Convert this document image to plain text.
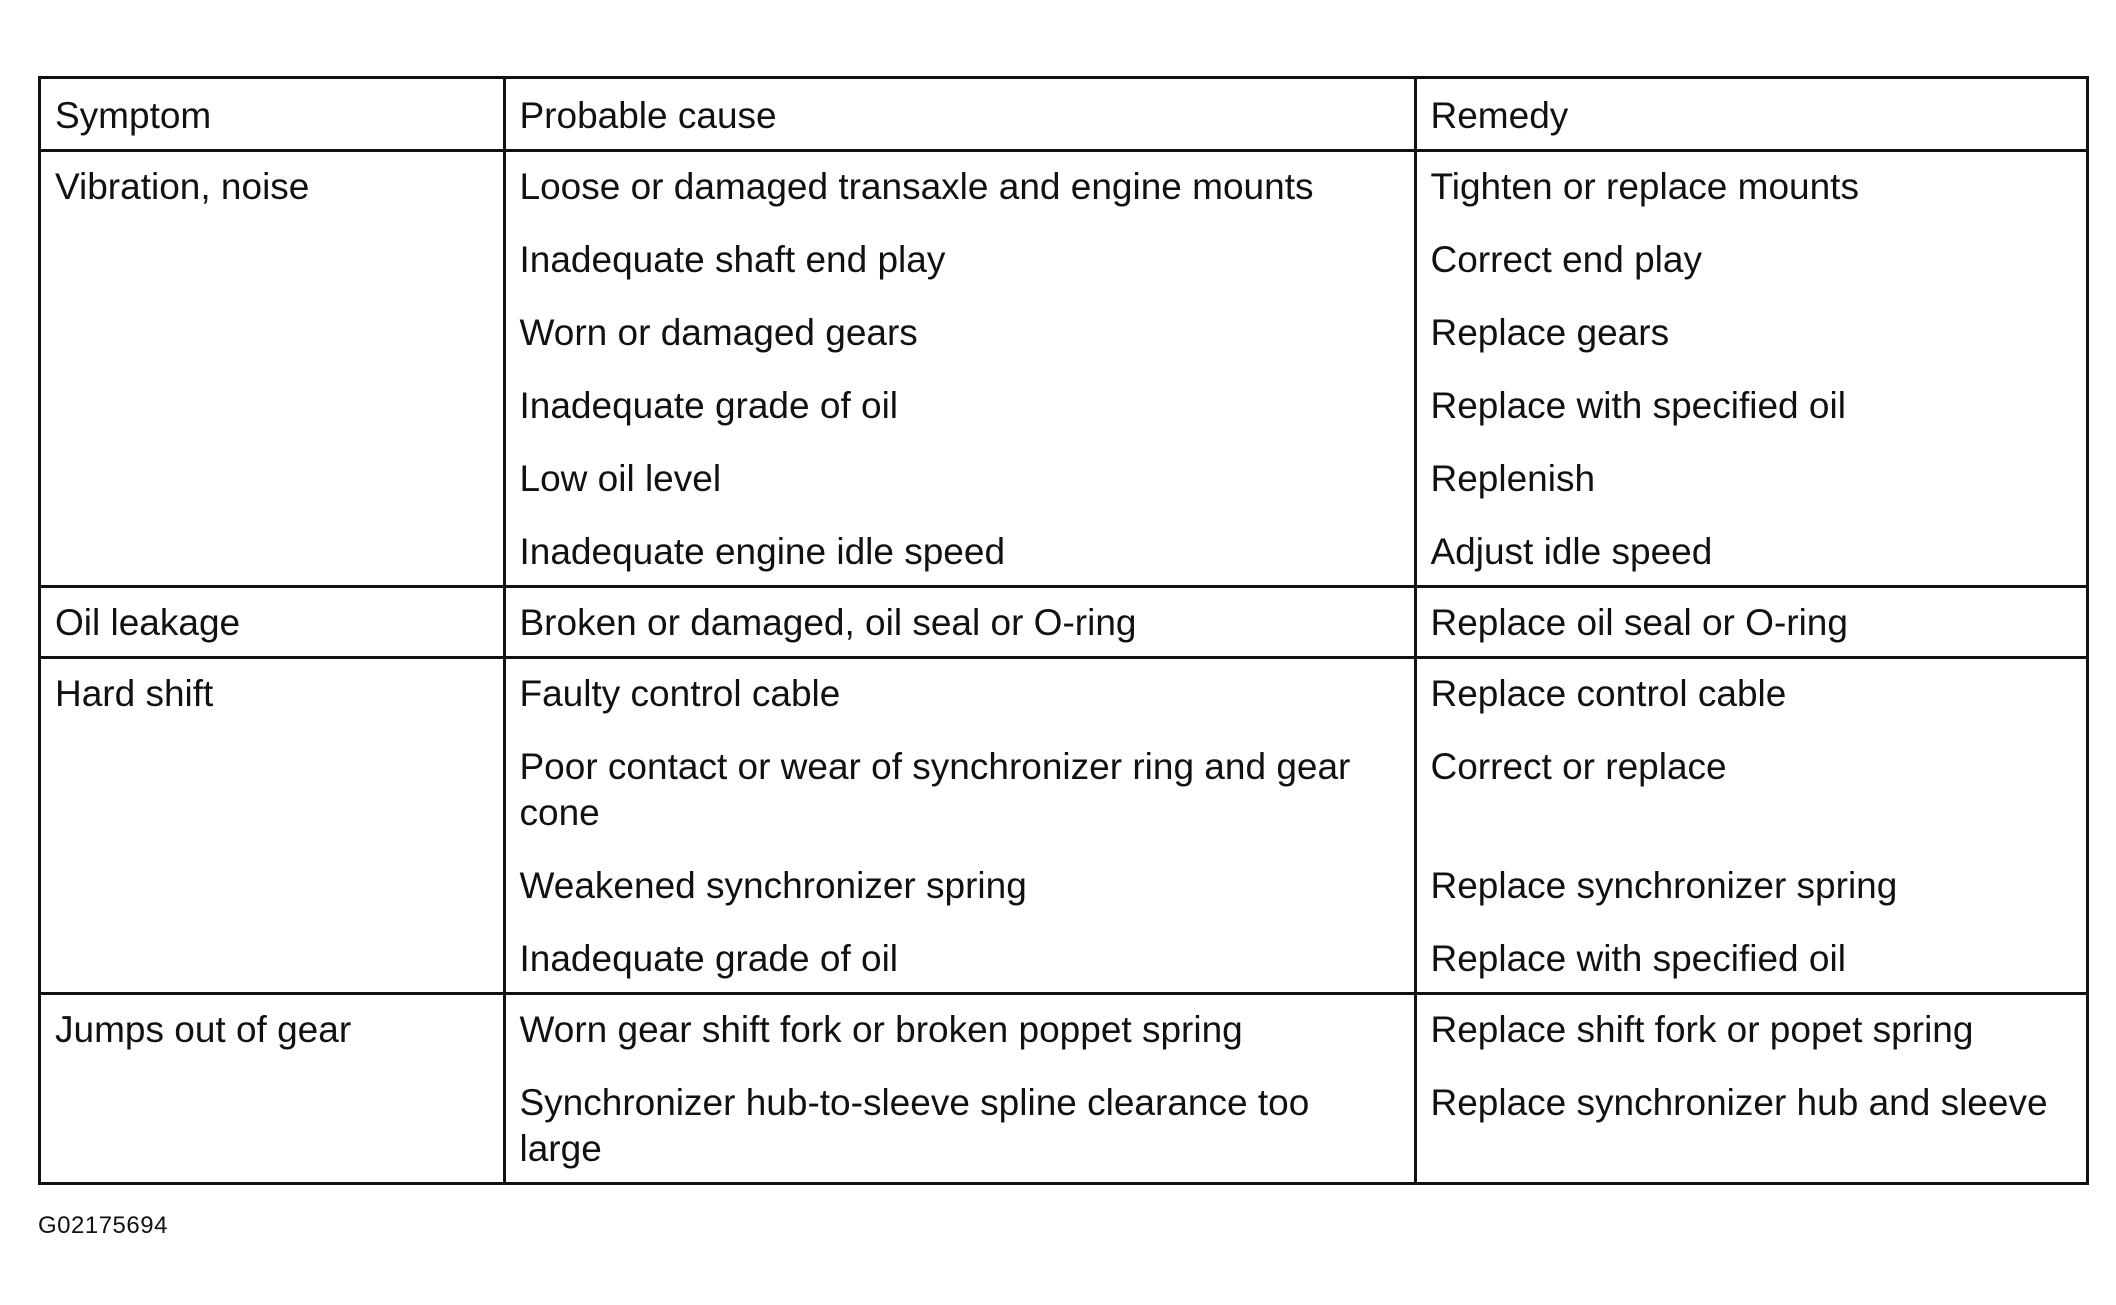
Symptom	Probable cause	Remedy
Vibration, noise	Loose or damaged transaxle and engine mounts	Tighten or replace mounts
	Inadequate shaft end play	Correct end play
	Worn or damaged gears	Replace gears
	Inadequate grade of oil	Replace with specified oil
	Low oil level	Replenish
	Inadequate engine idle speed	Adjust idle speed
Oil leakage	Broken or damaged, oil seal or O-ring	Replace oil seal or O-ring
Hard shift	Faulty control cable	Replace control cable
	Poor contact or wear of synchronizer ring and gear cone	Correct or replace
	Weakened synchronizer spring	Replace synchronizer spring
	Inadequate grade of oil	Replace with specified oil
Jumps out of gear	Worn gear shift fork or broken poppet spring	Replace shift fork or popet spring
	Synchronizer hub-to-sleeve spline clearance too large	Replace synchronizer hub and sleeve
G02175694
